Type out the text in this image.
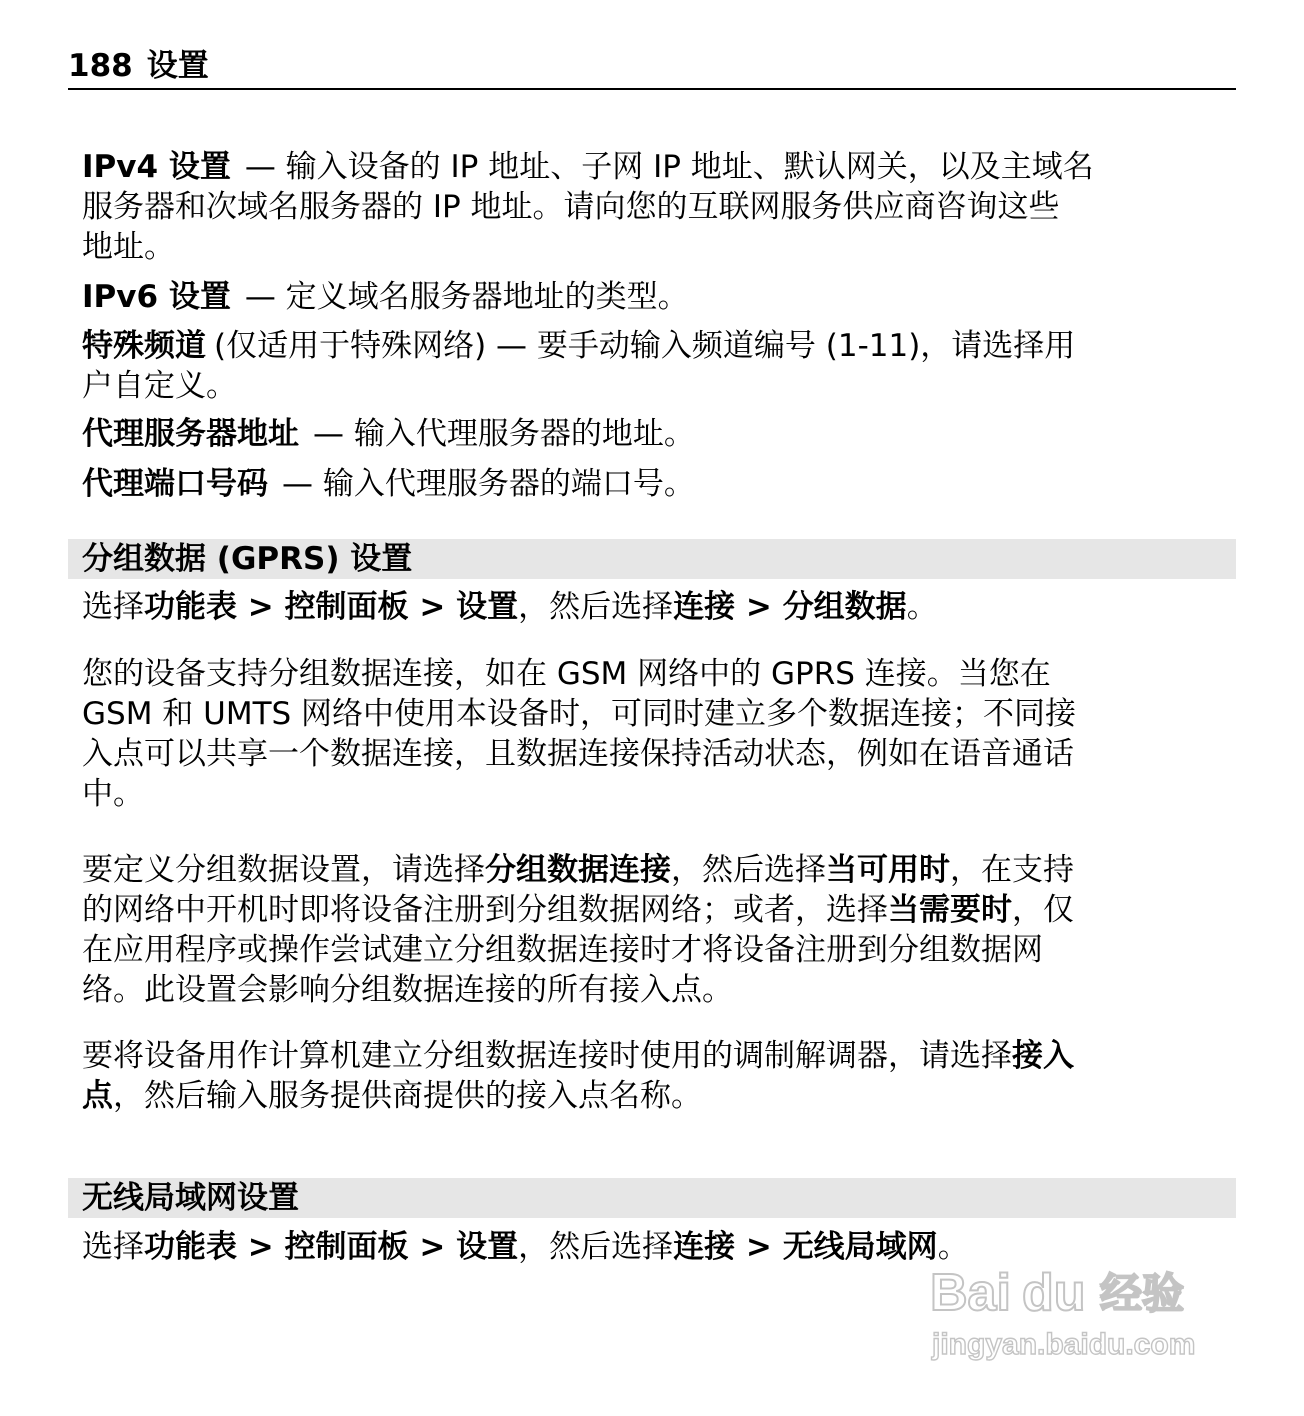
188 设置

IPv4 设置 — 输入设备的 IP 地址、子网 IP 地址、默认网关，以及主域名

服务器和次域名服务器的 IP 地址。请向您的互联网服务供应商咨询这些

地址。

IPv6 设置 — 定义域名服务器地址的类型。

特殊频道 (仅适用于特殊网络) — 要手动输入频道编号 (1-11)，请选择用

户自定义。

代理服务器地址 — 输入代理服务器的地址。

代理端口号码 — 输入代理服务器的端口号。

分组数据 (GPRS) 设置

选择功能表 > 控制面板 > 设置，然后选择连接 > 分组数据。

您的设备支持分组数据连接，如在 GSM 网络中的 GPRS 连接。当您在

GSM 和 UMTS 网络中使用本设备时，可同时建立多个数据连接；不同接

入点可以共享一个数据连接，且数据连接保持活动状态，例如在语音通话

中。

要定义分组数据设置，请选择分组数据连接，然后选择当可用时，在支持

的网络中开机时即将设备注册到分组数据网络；或者，选择当需要时，仅

在应用程序或操作尝试建立分组数据连接时才将设备注册到分组数据网

络。此设置会影响分组数据连接的所有接入点。

要将设备用作计算机建立分组数据连接时使用的调制解调器，请选择接入

点，然后输入服务提供商提供的接入点名称。

无线局域网设置

选择功能表 > 控制面板 > 设置，然后选择连接 > 无线局域网。

Bai du 经验
jingyan.baidu.com
